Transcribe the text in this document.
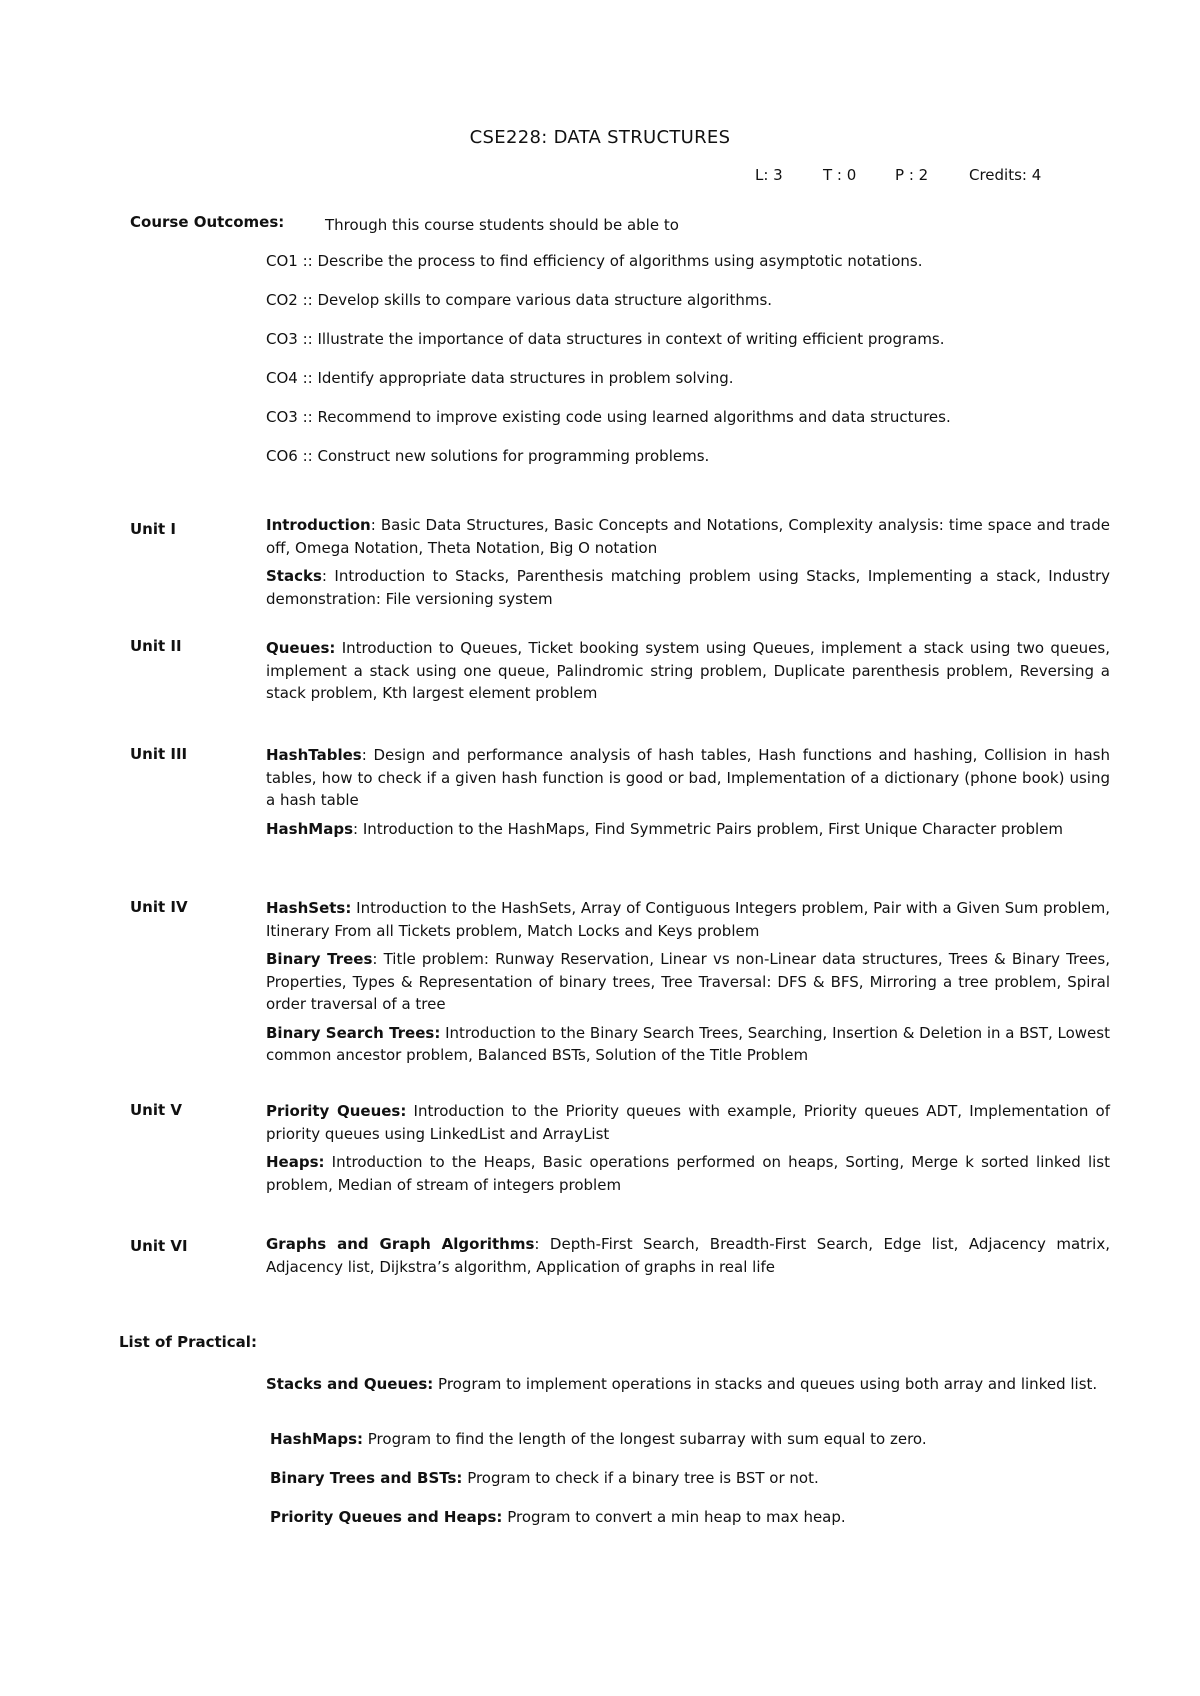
CSE228: DATA STRUCTURES
L: 3	T : 0	P : 2	Credits: 4
Course Outcomes:	Through this course students should be able to
CO1 :: Describe the process to find efficiency of algorithms using asymptotic notations.
CO2 :: Develop skills to compare various data structure algorithms.
CO3 :: Illustrate the importance of data structures in context of writing efficient programs.
CO4 :: Identify appropriate data structures in problem solving.
CO3 :: Recommend to improve existing code using learned algorithms and data structures.
CO6 :: Construct new solutions for programming problems.
Unit I	Introduction: Basic Data Structures, Basic Concepts and Notations, Complexity analysis: time space and trade off, Omega Notation, Theta Notation, Big O notation

Stacks: Introduction to Stacks, Parenthesis matching problem using Stacks, Implementing a stack, Industry demonstration: File versioning system

Unit II	Queues: Introduction to Queues, Ticket booking system using Queues, implement a stack using two queues, implement a stack using one queue, Palindromic string problem, Duplicate parenthesis problem, Reversing a stack problem, Kth largest element problem

Unit III	HashTables: Design and performance analysis of hash tables, Hash functions and hashing, Collision in hash tables, how to check if a given hash function is good or bad, Implementation of a dictionary (phone book) using a hash table

HashMaps: Introduction to the HashMaps, Find Symmetric Pairs problem, First Unique Character problem

Unit IV	HashSets: Introduction to the HashSets, Array of Contiguous Integers problem, Pair with a Given Sum problem, Itinerary From all Tickets problem, Match Locks and Keys problem

Binary Trees: Title problem: Runway Reservation, Linear vs non-Linear data structures, Trees & Binary Trees, Properties, Types & Representation of binary trees, Tree Traversal: DFS & BFS, Mirroring a tree problem, Spiral order traversal of a tree

Binary Search Trees: Introduction to the Binary Search Trees, Searching, Insertion & Deletion in a BST, Lowest common ancestor problem, Balanced BSTs, Solution of the Title Problem

Unit V	Priority Queues: Introduction to the Priority queues with example, Priority queues ADT, Implementation of priority queues using LinkedList and ArrayList

Heaps: Introduction to the Heaps, Basic operations performed on heaps, Sorting, Merge k sorted linked list problem, Median of stream of integers problem

Unit VI	Graphs and Graph Algorithms: Depth-First Search, Breadth-First Search, Edge list, Adjacency matrix, Adjacency list, Dijkstra’s algorithm, Application of graphs in real life

List of Practical:
Stacks and Queues: Program to implement operations in stacks and queues using both array and linked list.
HashMaps: Program to find the length of the longest subarray with sum equal to zero.
Binary Trees and BSTs: Program to check if a binary tree is BST or not.
Priority Queues and Heaps: Program to convert a min heap to max heap.
